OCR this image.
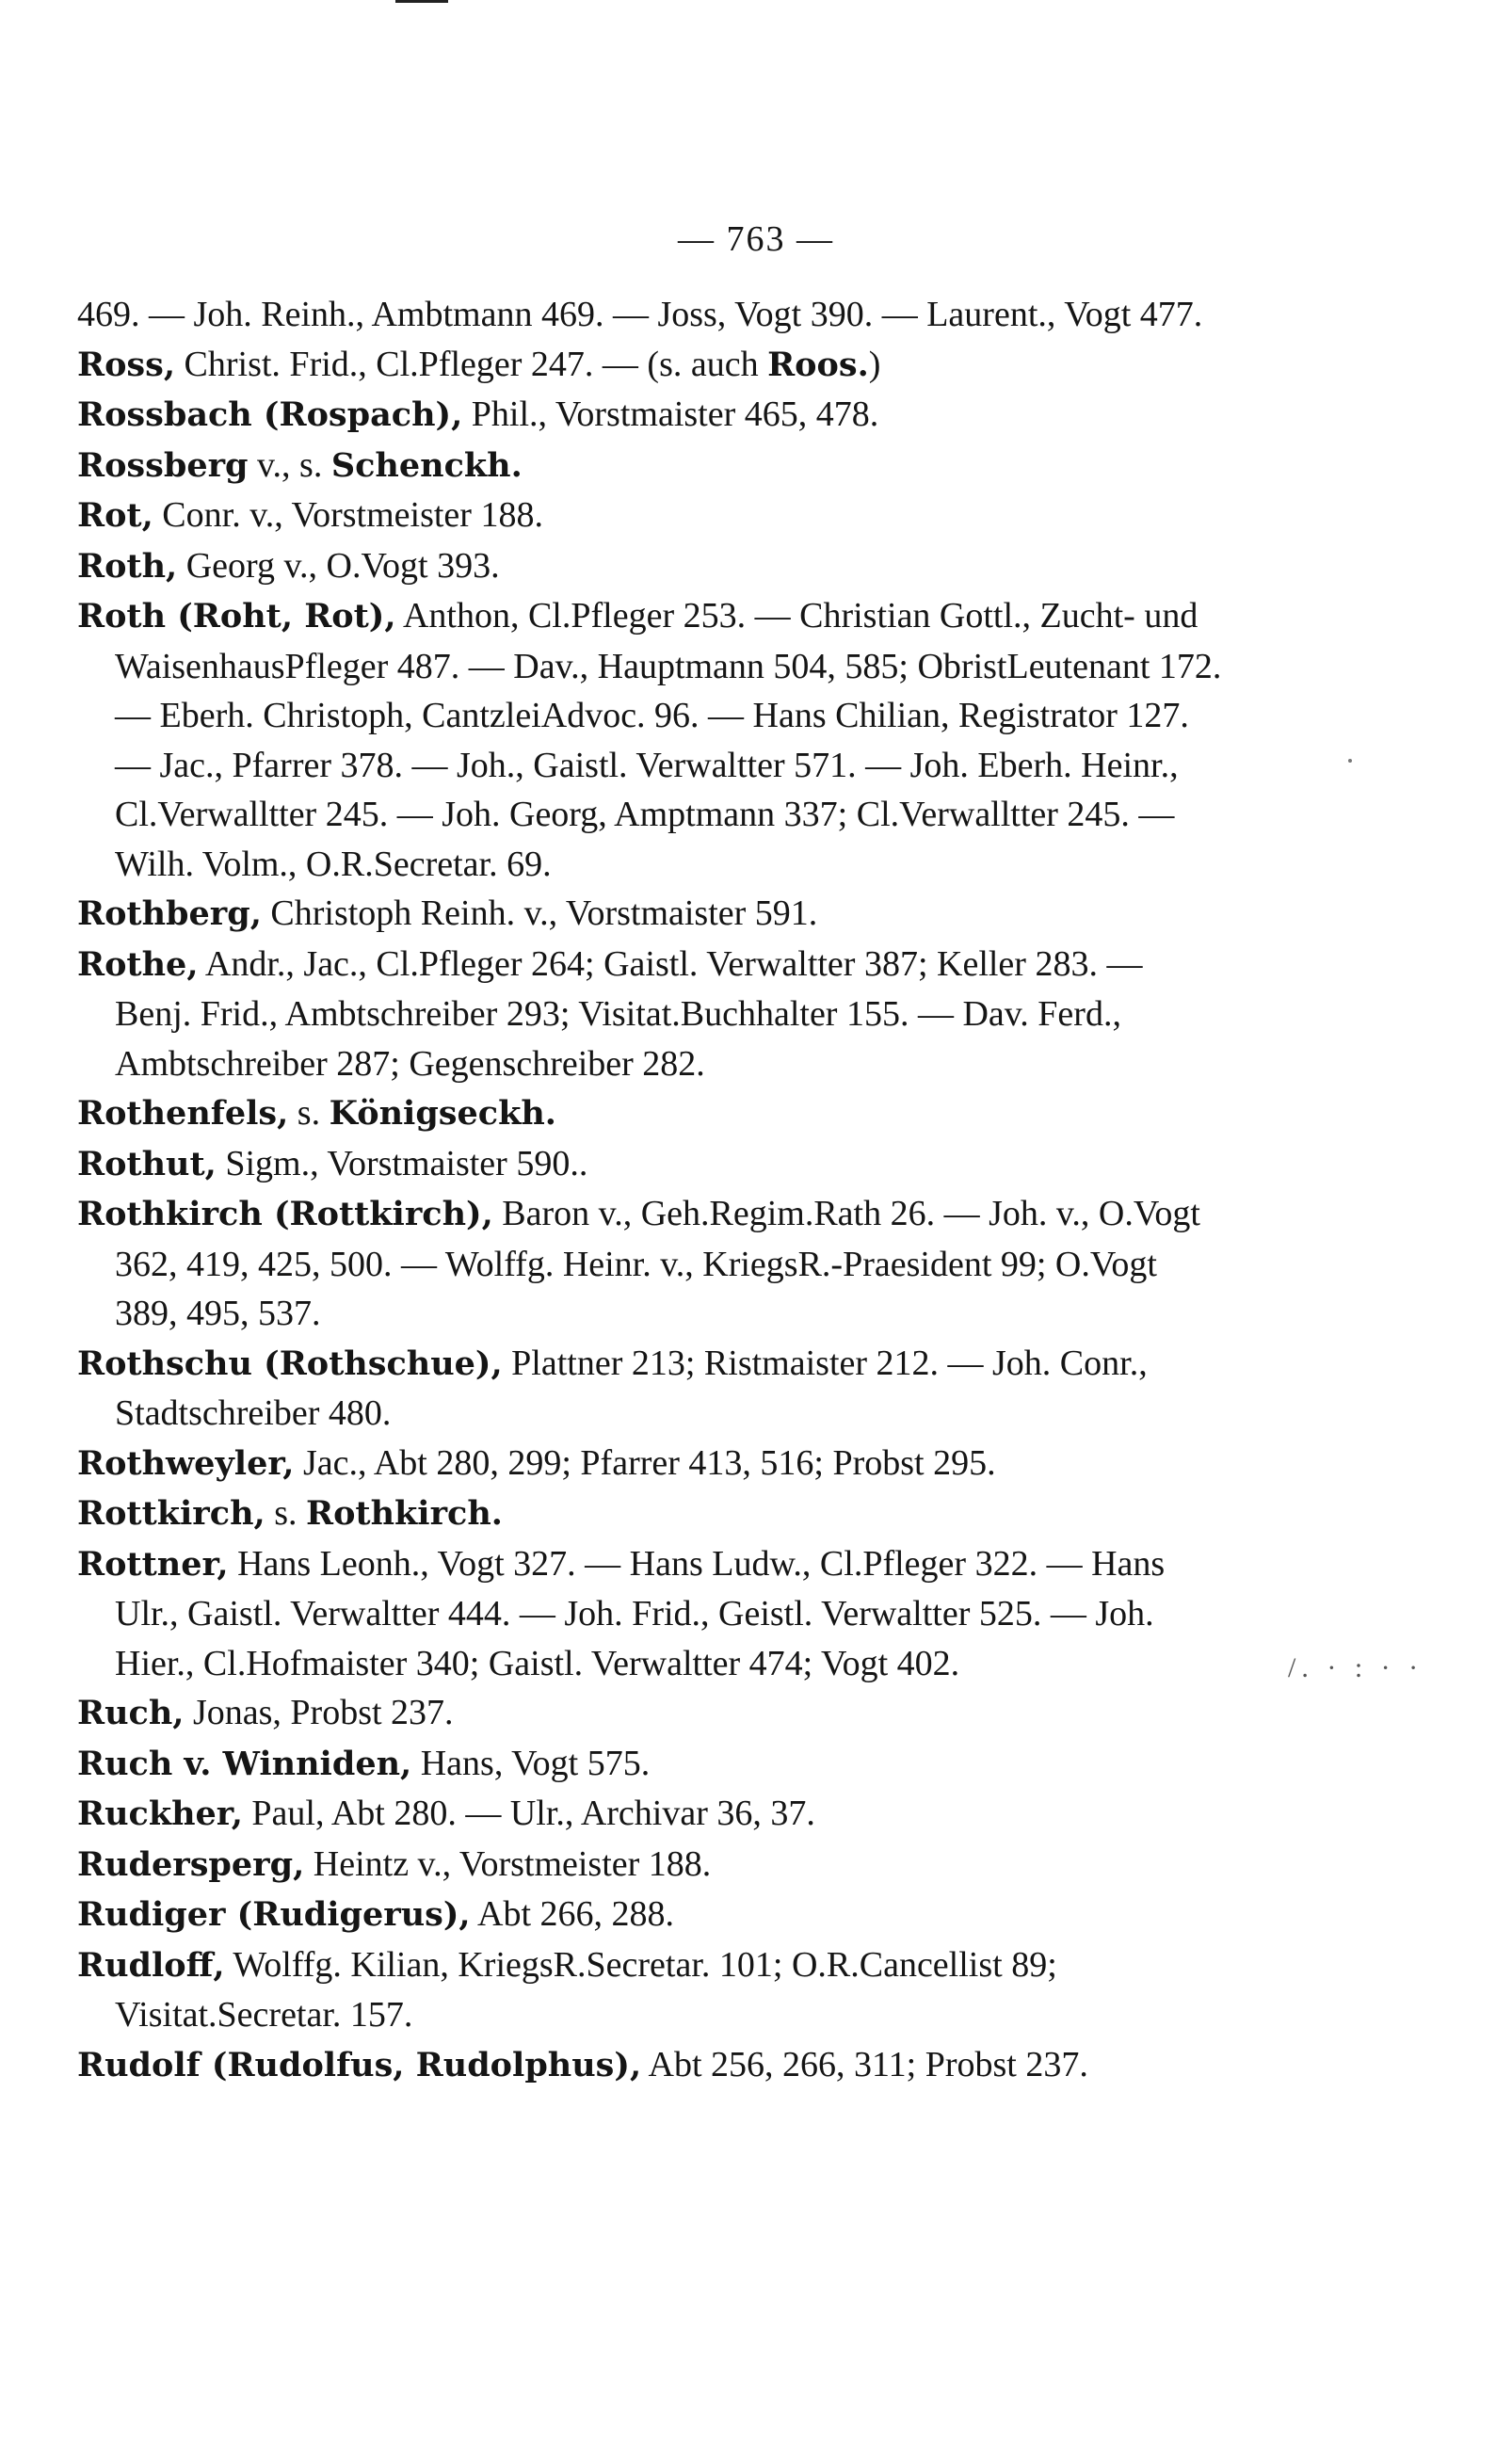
— 763 —
469. — Joh. Reinh., Ambtmann 469. — Joss, Vogt 390. — Laurent., Vogt 477.
Ross, Christ. Frid., Cl.Pfleger 247. — (s. auch Roos.)
Rossbach (Rospach), Phil., Vorstmaister 465, 478.
Rossberg v., s. Schenckh.
Rot, Conr. v., Vorstmeister 188.
Roth, Georg v., O.Vogt 393.
Roth (Roht, Rot), Anthon, Cl.Pfleger 253. — Christian Gottl., Zucht- und WaisenhausPfleger 487. — Dav., Hauptmann 504, 585; ObristLeutenant 172. — Eberh. Christoph, CantzleiAdvoc. 96. — Hans Chilian, Registrator 127. — Jac., Pfarrer 378. — Joh., Gaistl. Verwaltter 571. — Joh. Eberh. Heinr., Cl.Verwalltter 245. — Joh. Georg, Amptmann 337; Cl.Verwalltter 245. — Wilh. Volm., O.R.Secretar. 69.
Rothberg, Christoph Reinh. v., Vorstmaister 591.
Rothe, Andr., Jac., Cl.Pfleger 264; Gaistl. Verwaltter 387; Keller 283. — Benj. Frid., Ambtschreiber 293; Visitat.Buchhalter 155. — Dav. Ferd., Ambtschreiber 287; Gegenschreiber 282.
Rothenfels, s. Königseckh.
Rothut, Sigm., Vorstmaister 590..
Rothkirch (Rottkirch), Baron v., Geh.Regim.Rath 26. — Joh. v., O.Vogt 362, 419, 425, 500. — Wolffg. Heinr. v., KriegsR.-Praesident 99; O.Vogt 389, 495, 537.
Rothschu (Rothschue), Plattner 213; Ristmaister 212. — Joh. Conr., Stadtschreiber 480.
Rothweyler, Jac., Abt 280, 299; Pfarrer 413, 516; Probst 295.
Rottkirch, s. Rothkirch.
Rottner, Hans Leonh., Vogt 327. — Hans Ludw., Cl.Pfleger 322. — Hans Ulr., Gaistl. Verwaltter 444. — Joh. Frid., Geistl. Verwaltter 525. — Joh. Hier., Cl.Hofmaister 340; Gaistl. Verwaltter 474; Vogt 402.
Ruch, Jonas, Probst 237.
Ruch v. Winniden, Hans, Vogt 575.
Ruckher, Paul, Abt 280. — Ulr., Archivar 36, 37.
Rudersperg, Heintz v., Vorstmeister 188.
Rudiger (Rudigerus), Abt 266, 288.
Rudloff, Wolffg. Kilian, KriegsR.Secretar. 101; O.R.Cancellist 89; Visitat.Secretar. 157.
Rudolf (Rudolfus, Rudolphus), Abt 256, 266, 311; Probst 237.
/. · : · ·
